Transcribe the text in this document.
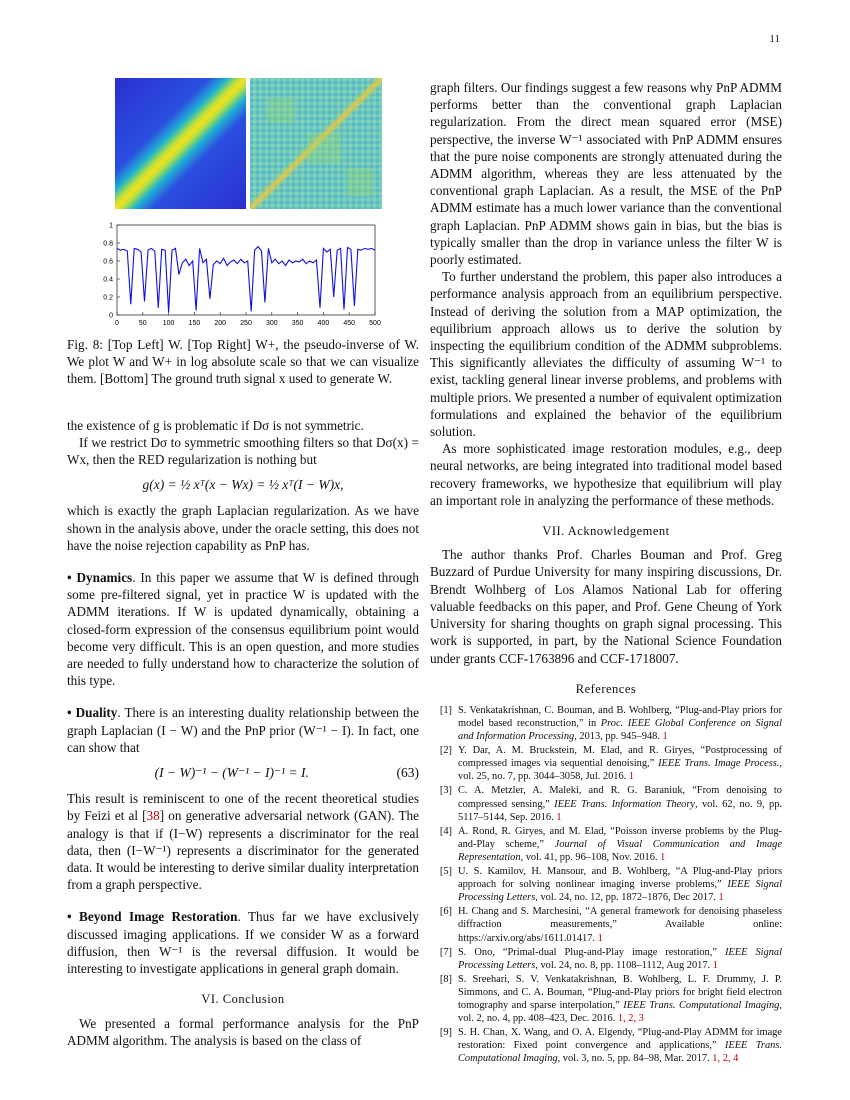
11
0	50 100 150 200 250 300 350 400 450 500
0
0.2
0.4
0.6
0.8
1

Fig. 8: [Top Left] W. [Top Right] W+, the pseudo-inverse of W. We plot W and W+ in log absolute scale so that we can visualize them. [Bottom] The ground truth signal x used to generate W.

the existence of g is problematic if Dσ is not symmetric.

If we restrict Dσ to symmetric smoothing filters so that Dσ(x) = Wx, then the RED regularization is nothing but

g(x) = ½ xᵀ(x − Wx) = ½ xᵀ(I − W)x,

which is exactly the graph Laplacian regularization. As we have shown in the analysis above, under the oracle setting, this does not have the noise rejection capability as PnP has.

• Dynamics. In this paper we assume that W is defined through some pre-filtered signal, yet in practice W is updated with the ADMM iterations. If W is updated dynamically, obtaining a closed-form expression of the consensus equilibrium point would become very difficult. This is an open question, and more studies are needed to fully understand how to characterize the solution of this type.

• Duality. There is an interesting duality relationship between the graph Laplacian (I − W) and the PnP prior (W⁻¹ − I). In fact, one can show that

(I − W)⁻¹ − (W⁻¹ − I)⁻¹ = I.	(63)

This result is reminiscent to one of the recent theoretical studies by Feizi et al [38] on generative adversarial network (GAN). The analogy is that if (I−W) represents a discriminator for the real data, then (I−W⁻¹) represents a discriminator for the generated data. It would be interesting to derive similar duality interpretation from a graph perspective.

• Beyond Image Restoration. Thus far we have exclusively discussed imaging applications. If we consider W as a forward diffusion, then W⁻¹ is the reversal diffusion. It would be interesting to investigate applications in general graph domain.

VI. Conclusion

We presented a formal performance analysis for the PnP ADMM algorithm. The analysis is based on the class of

graph filters. Our findings suggest a few reasons why PnP ADMM performs better than the conventional graph Laplacian regularization. From the direct mean squared error (MSE) perspective, the inverse W⁻¹ associated with PnP ADMM ensures that the pure noise components are strongly attenuated during the ADMM algorithm, whereas they are less attenuated by the conventional graph Laplacian. As a result, the MSE of the PnP ADMM estimate has a much lower variance than the conventional graph Laplacian. PnP ADMM shows gain in bias, but the bias is typically smaller than the drop in variance unless the filter W is poorly estimated.

To further understand the problem, this paper also introduces a performance analysis approach from an equilibrium perspective. Instead of deriving the solution from a MAP optimization, the equilibrium approach allows us to derive the solution by inspecting the equilibrium condition of the ADMM subproblems. This significantly alleviates the difficulty of assuming W⁻¹ to exist, tackling general linear inverse problems, and problems with multiple priors. We presented a number of equivalent optimization formulations and explained the behavior of the equilibrium solution.

As more sophisticated image restoration modules, e.g., deep neural networks, are being integrated into traditional model based recovery frameworks, we hypothesize that equilibrium will play an important role in analyzing the performance of these methods.

VII. Acknowledgement

The author thanks Prof. Charles Bouman and Prof. Greg Buzzard of Purdue University for many inspiring discussions, Dr. Brendt Wolhberg of Los Alamos National Lab for offering valuable feedbacks on this paper, and Prof. Gene Cheung of York University for sharing thoughts on graph signal processing. This work is supported, in part, by the National Science Foundation under grants CCF-1763896 and CCF-1718007.

References
[1] S. Venkatakrishnan, C. Bouman, and B. Wohlberg, “Plug-and-Play priors for model based reconstruction,” in Proc. IEEE Global Conference on Signal and Information Processing, 2013, pp. 945–948. 1
[2] Y. Dar, A. M. Bruckstein, M. Elad, and R. Giryes, “Postprocessing of compressed images via sequential denoising,” IEEE Trans. Image Process., vol. 25, no. 7, pp. 3044–3058, Jul. 2016. 1
[3] C. A. Metzler, A. Maleki, and R. G. Baraniuk, “From denoising to compressed sensing,” IEEE Trans. Information Theory, vol. 62, no. 9, pp. 5117–5144, Sep. 2016. 1
[4] A. Rond, R. Giryes, and M. Elad, “Poisson inverse problems by the Plug-and-Play scheme,” Journal of Visual Communication and Image Representation, vol. 41, pp. 96–108, Nov. 2016. 1
[5] U. S. Kamilov, H. Mansour, and B. Wohlberg, “A Plug-and-Play priors approach for solving nonlinear imaging inverse problems,” IEEE Signal Processing Letters, vol. 24, no. 12, pp. 1872–1876, Dec 2017. 1
[6] H. Chang and S. Marchesini, “A general framework for denoising phaseless diffraction measurements,” Available online: https://arxiv.org/abs/1611.01417. 1
[7] S. Ono, “Primal-dual Plug-and-Play image restoration,” IEEE Signal Processing Letters, vol. 24, no. 8, pp. 1108–1112, Aug 2017. 1
[8] S. Sreehari, S. V. Venkatakrishnan, B. Wohlberg, L. F. Drummy, J. P. Simmons, and C. A. Bouman, “Plug-and-Play priors for bright field electron tomography and sparse interpolation,” IEEE Trans. Computational Imaging, vol. 2, no. 4, pp. 408–423, Dec. 2016. 1, 2, 3
[9] S. H. Chan, X. Wang, and O. A. Elgendy, “Plug-and-Play ADMM for image restoration: Fixed point convergence and applications,” IEEE Trans. Computational Imaging, vol. 3, no. 5, pp. 84–98, Mar. 2017. 1, 2, 4
